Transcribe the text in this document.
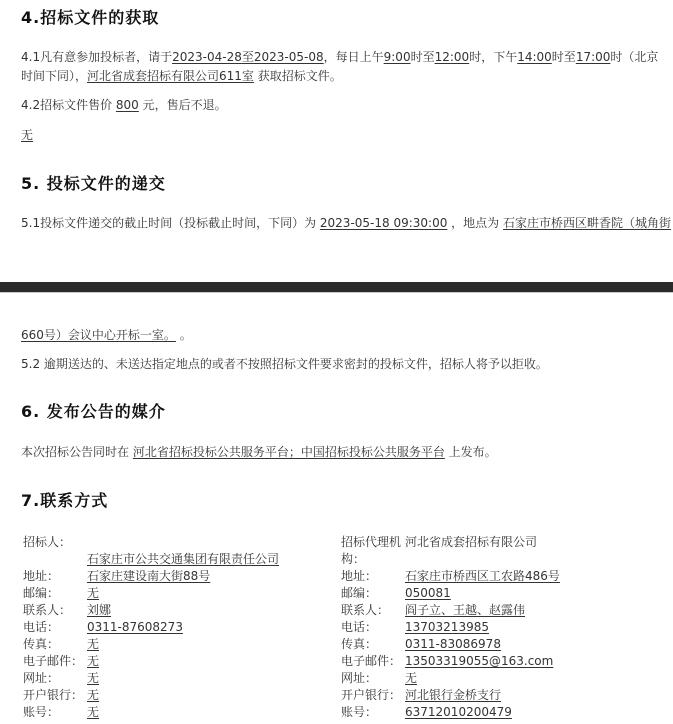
4.招标文件的获取

4.1凡有意参加投标者，请于2023-04-28至2023-05-08，每日上午9:00时至12:00时，下午14:00时至17:00时（北京时间下同），河北省成套招标有限公司611室 获取招标文件。

4.2招标文件售价 800 元，售后不退。

无

5. 投标文件的递交

5.1投标文件递交的截止时间（投标截止时间，下同）为 2023-05-18 09:30:00 ，地点为 石家庄市桥西区畊香院（城角街

660号）会议中心开标一室。 。

5.2 逾期送达的、未送达指定地点的或者不按照招标文件要求密封的投标文件，招标人将予以拒收。

6. 发布公告的媒介

本次招标公告同时在 河北省招标投标公共服务平台；中国招标投标公共服务平台 上发布。

7.联系方式
招标人：	
	石家庄市公共交通集团有限责任公司
地址：	石家庄建设南大街88号
邮编：	无
联系人：	刘娜
电话：	0311-87608273
传真：	无
电子邮件：	无
网址：	无
开户银行：	无
账号：	无
招标代理机	河北省成套招标有限公司
构：	
地址：	石家庄市桥西区工农路486号
邮编：	050081
联系人：	阎子立、王越、赵露伟
电话：	13703213985
传真：	0311-83086978
电子邮件：	13503319055@163.com
网址：	无
开户银行：	河北银行金桥支行
账号：	63712010200479
